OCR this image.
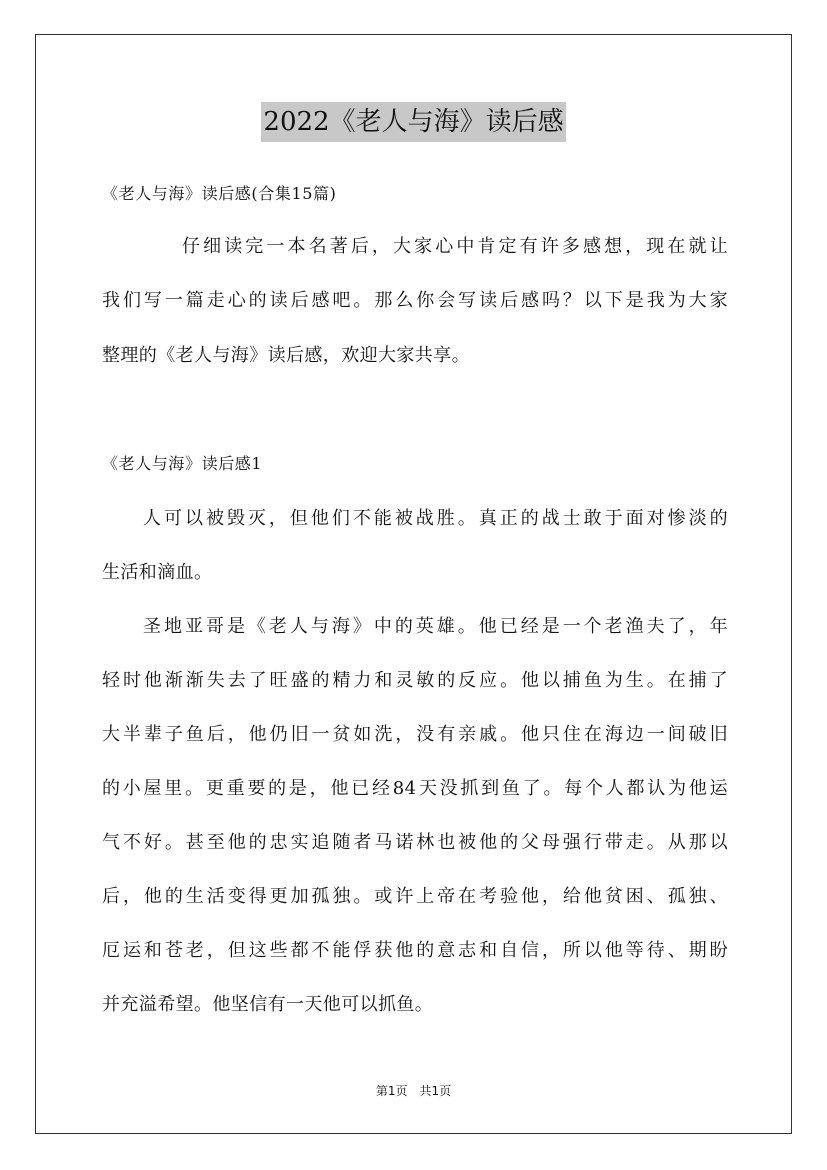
2022《老人与海》读后感
《老人与海》读后感(合集15篇)
仔细读完一本名著后，大家心中肯定有许多感想，现在就让
我们写一篇走心的读后感吧。那么你会写读后感吗？以下是我为大家
整理的《老人与海》读后感，欢迎大家共享。
《老人与海》读后感1
人可以被毁灭，但他们不能被战胜。真正的战士敢于面对惨淡的
生活和滴血。
圣地亚哥是《老人与海》中的英雄。他已经是一个老渔夫了，年
轻时他渐渐失去了旺盛的精力和灵敏的反应。他以捕鱼为生。在捕了
大半辈子鱼后，他仍旧一贫如洗，没有亲戚。他只住在海边一间破旧
的小屋里。更重要的是，他已经84天没抓到鱼了。每个人都认为他运
气不好。甚至他的忠实追随者马诺林也被他的父母强行带走。从那以
后，他的生活变得更加孤独。或许上帝在考验他，给他贫困、孤独、
厄运和苍老，但这些都不能俘获他的意志和自信，所以他等待、期盼
并充溢希望。他坚信有一天他可以抓鱼。
第1页　共1页
